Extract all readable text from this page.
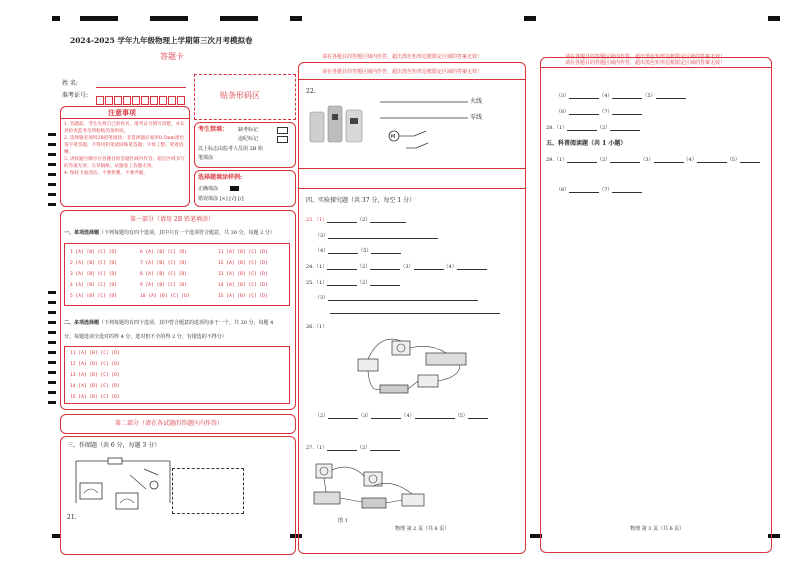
2024-2025 学年九年级物理上学期第三次月考模拟卷
答题卡
姓 名:
准考证号:	贴条形码区
注意事项
1. 答题前，考生先将自己的姓名，准考证号填写清楚，并认真检查监考员所粘贴的条形码。
2. 选择题必须用2B铅笔填涂；非选择题必须用0.5mm黑色签字笔答题，不得用铅笔或圆珠笔答题；字体工整、笔迹清晰。
3. 请按题号顺序在各题目的答题区域内作答，超出区域书写的答案无效；在草稿纸、试题卷上答题无效。
4. 保持卡面清洁，不要折叠、不要弄破。
考生禁填： 缺考标记
违纪标记
以上标志由监考人员用 2B 铅
笔填涂
选择题填涂样例:
正确填涂
错误填涂 [×] [√] [/]
第一部分（请用 2B 铅笔填涂）
一、单项选择题（下列每题均有四个选项，其中只有一个选项符合题意，共 30 分，每题 2 分）
1 [A] [B] [C] [D]
2 [A] [B] [C] [D]
3 [A] [B] [C] [D]
4 [A] [B] [C] [D]
5 [A] [B] [C] [D]
6 [A] [B] [C] [D]
7 [A] [B] [C] [D]
8 [A] [B] [C] [D]
9 [A] [B] [C] [D]
10 [A] [B] [C] [D]
11 [A] [B] [C] [D]
12 [A] [B] [C] [D]
13 [A] [B] [C] [D]
14 [A] [B] [C] [D]
15 [A] [B] [C] [D]
二、多项选择题（下列每题均有四个选项，其中符合题意的选项均多于一个。共 20 分，每题 4
分。每题选项全选对的得 4 分，选对但不全的得 2 分，有错选的不得分）
11 [A] [B] [C] [D]
12 [A] [B] [C] [D]
13 [A] [B] [C] [D]
14 [A] [B] [C] [D]
15 [A] [B] [C] [D]
第二部分（请在各试题的答题区内作答）
三、作图题（共 6 分，每题 3 分）
21.
请在各题目的答题区域内作答，超出黑色矩形边框限定区域的答案无效！
请在各题目的答题区域内作答，超出黑色矩形边框限定区域的答案无效！
22.
M
火线
零线
四、实验探究题（共 37 分，每空 1 分）
23.（1）	（2）
（3）
（4）	（5）
24.（1）	（2）	（3）	（4）
25.（1）	（2）
（3）
26.（1）
（2）	（3）	（4）	（5）
27.（1）	（2）
图 1
物理 第 2 页（共 6 页）
请在各题目的答题区域内作答，超出黑色矩形边框限定区域的答案无效！
请在各题目的答题区域内作答，超出黑色矩形边框限定区域的答案无效！
（3）	（4）	（5）
（6）	（7）
28.（1）	（2）
五、科普阅读题（共 1 小题）
29.（1）	（2）	（3）	（4）	（5）
（6）	（7）
物理 第 3 页（共 6 页）
